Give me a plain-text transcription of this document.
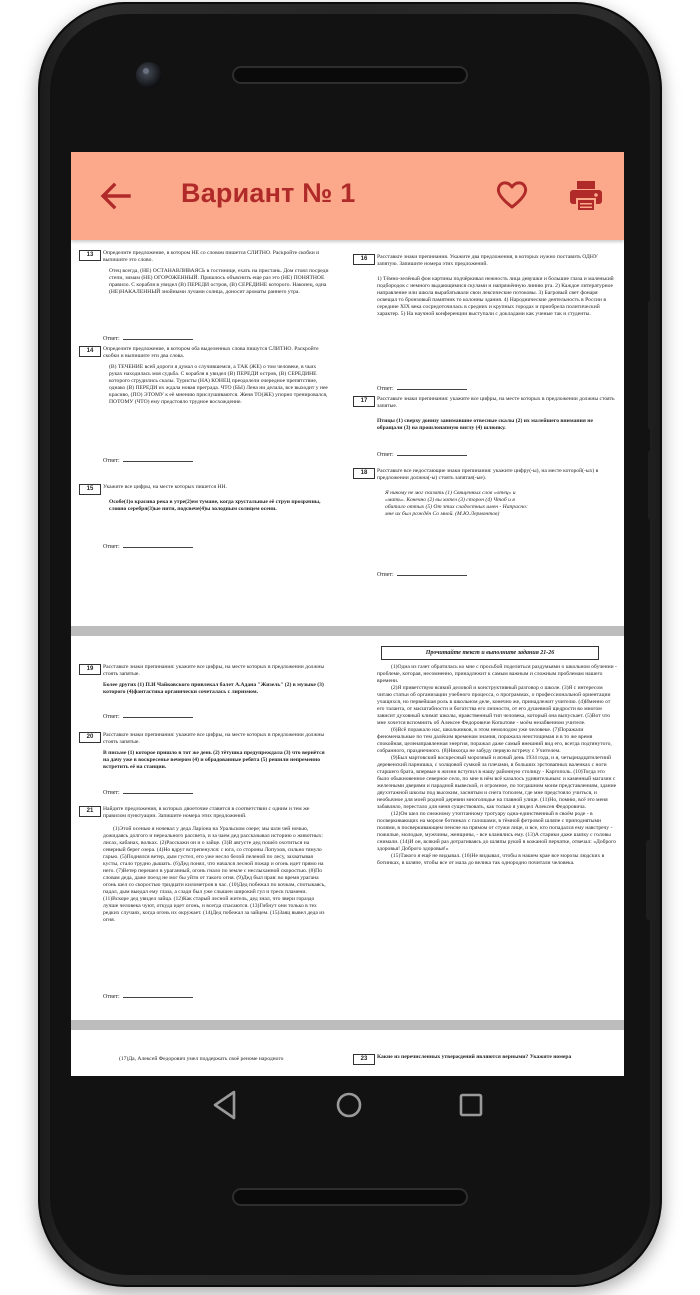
Вариант № 1
13	Определите предложение, в котором НЕ со словом пишется СЛИТНО. Раскройте скобки и выпишите это слово.

Отец всегда, (НЕ) ОСТАНАВЛИВАЯСЬ в гостинице, ехать на пристань. Дом стоял посреди степи, зимам (НЕ) ОГОРОЖЕННЫЙ. Пришлось объяснить еще раз это (НЕ) ПОНЯТНОЕ правило. С корабля в увидел (В) ПЕРЕДИ остров, (В) СЕРЕДИНЕ которого. Наконец, одна (НЕ)НАКАЛЕННЫЙ знойными лучами солнца, доносит ароматы раннего утра.

Ответ:
14	Определите предложение, в котором оба выделенных слова пишутся СЛИТНО. Раскройте скобки и выпишите эти два слова.

(В) ТЕЧЕНИЕ всей дороги я думал о случившемся, а ТАК (ЖЕ) о том человеке, в чьих руках находилась моя судьба. С корабля я увидел (В) ПЕРЕДИ остров, (В) СЕРЕДИНЕ которого сгрудились скалы. Туристы (НА) КОНЕЦ преодолели очередное препятствие, однако (В) ПЕРЕДИ их ждала новая преграда. ЧТО (БЫ) Лена ни делала, все выходит у нее красиво, (ПО) ЭТОМУ к её мнению прислушиваются. Женя ТО(ЖЕ) упорно тренировался, ПОТОМУ (ЧТО) ему предстояло трудное восхождение.

Ответ:
15	Укажите все цифры, на месте которых пишется НН.

Особе(1)о красива река в утре(2)ем тумане, когда хрустальные её струи прозрачны, словно серебря(3)ые нити, подсвече(4)ы холодным солнцем осени.

Ответ:
16	Расставьте знаки препинания. Укажите два предложения, в которых нужно поставить ОДНУ запятую. Запишите номера этих предложений.

1) Тёмно-зелёный фон картины подчёркивал нежность лица девушки и большие глаза и маленький подбородок с немного выдающимися скулами и напряжённую линию рта. 2) Каждое литературное направление или школа вырабатывали свои лексические потоковы. 3) Багровый свет фонаря освещал то бронзовый памятник то колонны здания. 4) Народнические деятельность в России в середине XIX века сосредоточилась в средних и крупных городах и приобрела политический характер. 5) На научной конференции выступали с докладами как ученые так и студенты.

Ответ:
17	Расставьте знаки препинания: укажите все цифры, на месте которых в предложении должны стоять запятые.

Птицы (1) сверху донизу занимавшие отвесные скалы (2) их малейшего внимания не обращали (3) на прошлонапную виглу (4) шлюпку.

Ответ:
18	Расставьте все недостающие знаки препинания: укажите цифру(-ы), на месте которой(-ых) в предложении должна(-ы) стоять запятая(-ые).

Я никому не мог сказать (1) Священных слов «отец» и «мать». Конечно (2) вы хотел (3) сторон (4) Чтоб и я обитало оттых (5) От этих сладостных имен - Напрасно: мне их был рождён Со мной. (М.Ю.Лермонтов)

Ответ:
19	Расставьте знаки препинания: укажите все цифры, на месте которых в предложении должны стоять запятые.

Более других (1) П.И Чайковского привлекал балет А.Адана "Жизель" (2) в музыке (3) которого (4)фантастика органически сочеталась с лиризмом.

Ответ:
20	Расставьте знаки препинания: укажите все цифры, на месте которых в предложении должны стоять запятые.

В письме (1) которое пришло в тот же день (2) тётушка предупреждала (3) что вернётся на дачу уже в воскресенье вечером (4) и обрадованные ребята (5) решили непременно встретить её на станции.

Ответ:
21	Найдите предложения, в которых двоеточие ставится в соответствии с одним и тем же правилом пунктуации. Запишите номера этих предложений.

(1)Этой осенью я ночевал у деда Ларіона на Уральском озере; мы шли чей ночью, дожидаясь долгого и нереального рассвета, и за чаем дед рассказывал историю о животных: лисах, кабанах, волках. (2)Расскажи он и о зайце. (3)В августе дед пошёл охотиться на северный берег озера. (4)Но вдруг встрепенулся: с юга, со стороны Лопухов, сильно тянуло гарью. (5)Поднялся ветер, дым густел, его уже несло белой пеленой по лесу, захватывая кусты, стало трудно дышать. (6)Дед понял, что начался лесной пожар и огонь идет прямо на него. (7)Ветер перешел в ураганный, огонь гнало по земле с неслыханной скоростью. (8)По словам деда, даже поезд не мог бы уйти от такого огня. (9)Дед был прав: во время урагана огонь шел со скоростью тридцати километров в час. (10)Дед побежал по кочкам, спотыкаясь, падал, дым выедал ему глаза, а сзади был уже слышен широкий гул и треск пламени. (11)Вскоре дед увидел зайца. (12)Как старый лесной житель, дед знал, что звери гораздо лучше человека чуют, откуда идет огонь, и всегда спасаются. (13)Гибнут они только в тех редких случаях, когда огонь их окружает. (14)Дед побежал за зайцем. (15)Заяц вывел деда из огня.

Ответ:
Прочитайте текст и выполните задания 21-26

(1)Одна из газет обратилась ко мне с просьбой поделиться раздумьями о школьном обучении - проблеме, которая, несомненно, принадлежит к самым важным и сложным проблемам нашего времени.

(2)Я приветствую всякий деловой и конструктивный разговор о школе. (3)Я с интересом читаю статьи об организации учебного процесса, о программах, о профессиональной ориентации учащихся, но первейшая роль в школьном деле, конечно же, принадлежит учителю. (4)Именно от его таланта, от масштабности и богатства его личности, от его душевной щедрости во многом зависит духовный климат школы, нравственный тип человека, который она выпускает. (5)Вот что мне хочется вспомнить об Алексее Федоровиче Копытове - моём незабвенном учителе.

(6)Всё поражало нас, школьников, в этом немолодом уже человеке. (7)Поражали феноменальные по тем далёким временам знания, поражала неистощимая и в то же время спокойная, целенаправленная энергия, поражал даже самый внешний вид его, всегда подтянутого, собранного, празднечного. (8)Никогда не забуду первую встречу с Учителем.

(9)Был мартовский воскресный морозный и ясный день 1934 года, и я, четырнадцатилетний деревенский парнишка, с холщовой сумкой за плечами, в больших эрстовапных валенках с ноги старшего брата, впервые в жизни вступил в нашу районную столицу - Каргополь. (10)Тогда это было обыкновенное северное село, по мне в нём всё казалось удивительным: и каменный магазин с железными дверями и парадной вывеской, и огромное, по тогдашним моим представлениям, здание двухэтажной школы под высоким, заснятым и снега тополем, где мне предстояло учиться, и необычное для моей родной деревни многолюдье на главной улице. (11)Но, помню, всё это меня забавляло, перестало для меня существовать, как только я увидел Алексея Федоровича.

(12)Он шел по снежному утоптанному тротуару одна-единственный в своём роде - в посверкивающих на морозе ботинках с галошами, в тёмной фетровой шляпе с приподнятыми полями, в посверкивающем пенсне на прямом от стужи лице, и все, кто попадался ему навстречу - пожилые, молодые, мужчины, женщины, - все кланялись ему. (13)А старики даже шапку с головы снимали. (14)И он, всякий раз дотрагиваясь до шляпы рукой в кожаной перчатке, отвечал: «Доброго здоровья! Доброго здоровья!»

(15)Такого я ещё не видывал. (16)Не видывал, чтобы в нашем крае все морозы людских в ботинках, в шляпе, чтобы все от мала до велика так однородно почитали человека.

(17)Да, Алексей Федорович умел поддержать своё реноме народного	23	Какие из перечисленных утверждений являются верными? Укажите номера
